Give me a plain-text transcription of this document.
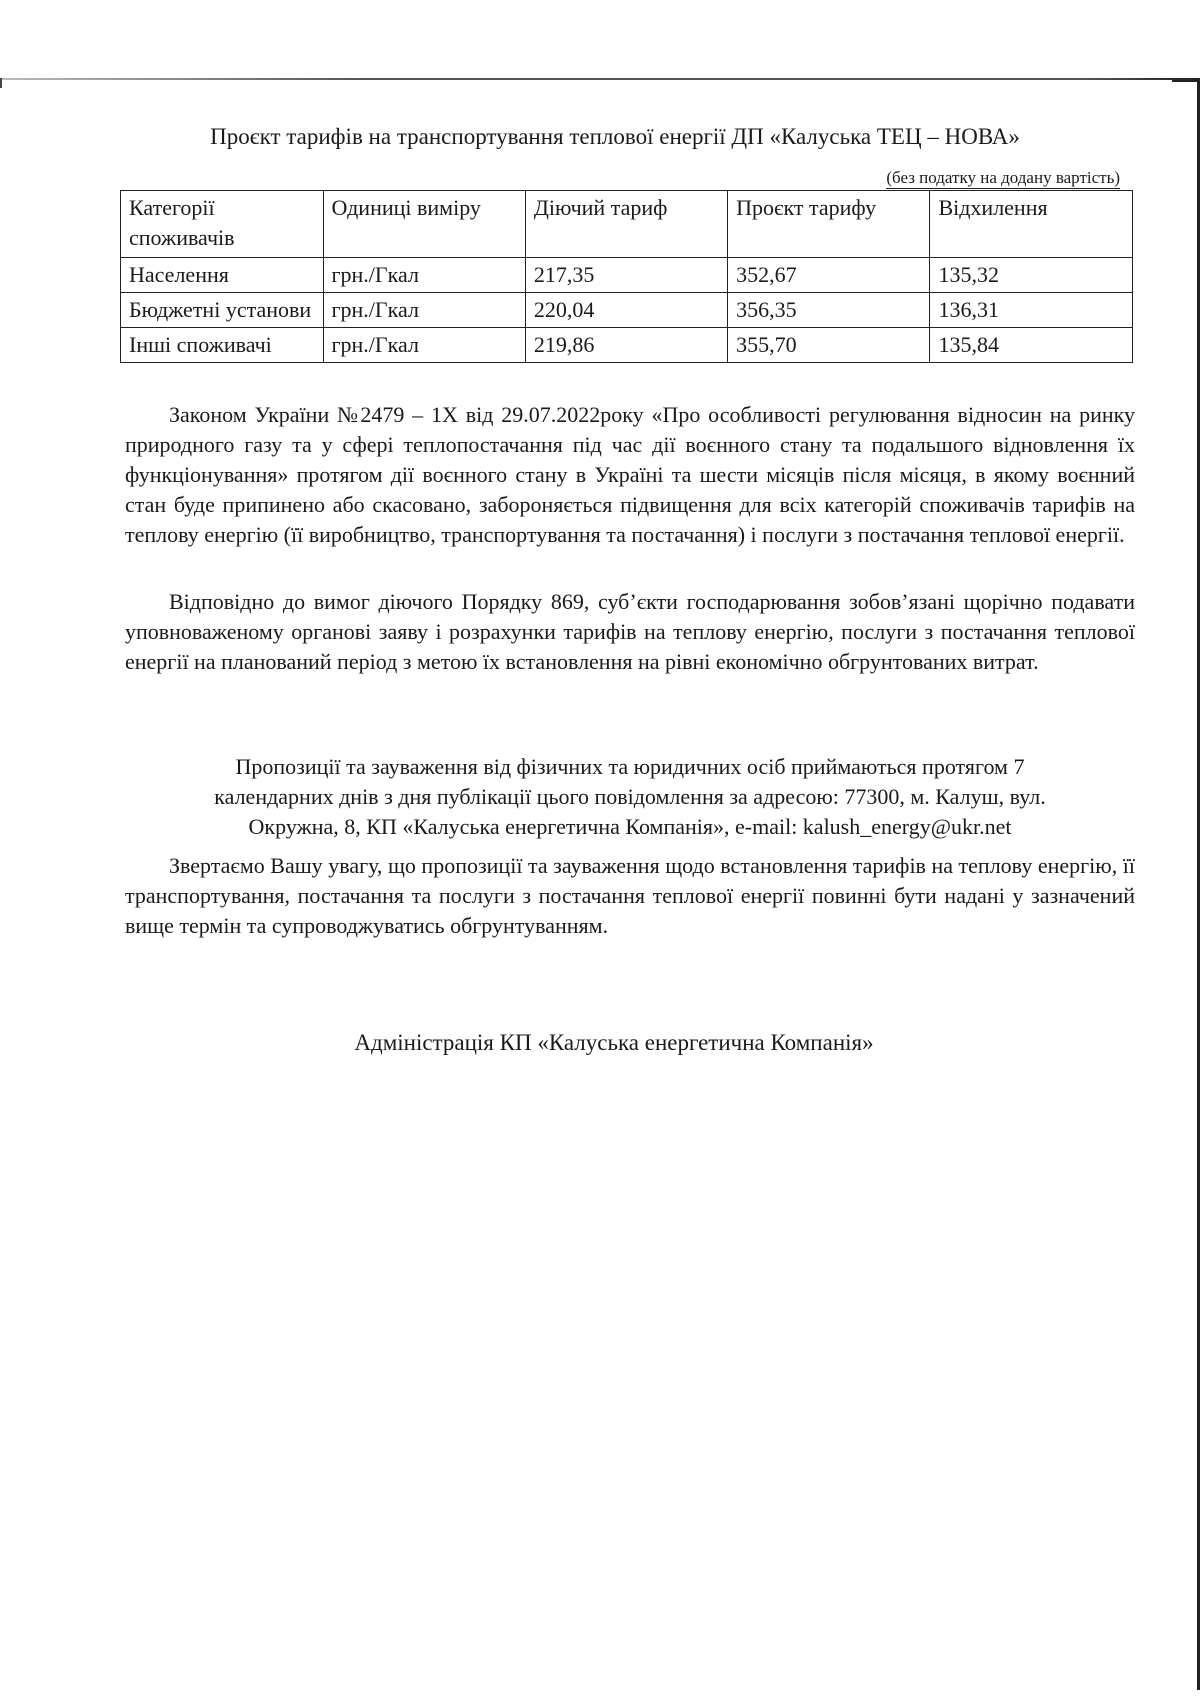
Проєкт тарифів на транспортування теплової енергії ДП «Калуська ТЕЦ – НОВА»
(без податку на додану вартість)
Категорії споживачів	Одиниці виміру	Діючий тариф	Проєкт тарифу	Відхилення
Населення	грн./Гкал	217,35	352,67	135,32
Бюджетні установи	грн./Гкал	220,04	356,35	136,31
Інші споживачі	грн./Гкал	219,86	355,70	135,84

Законом України №2479 – 1Х від 29.07.2022року «Про особливості регулювання відносин на ринку природного газу та у сфері теплопостачання під час дії воєнного стану та подальшого відновлення їх функціонування» протягом дії воєнного стану в Україні та шести місяців після місяця, в якому воєнний стан буде припинено або скасовано, забороняється підвищення для всіх категорій споживачів тарифів на теплову енергію (її виробництво, транспортування та постачання) і послуги з постачання теплової енергії.

Відповідно до вимог діючого Порядку 869, суб’єкти господарювання зобов’язані щорічно подавати уповноваженому органові заяву і розрахунки тарифів на теплову енергію, послуги з постачання теплової енергії на планований період з метою їх встановлення на рівні економічно обгрунтованих витрат.

Пропозиції та зауваження від фізичних та юридичних осіб приймаються протягом 7
календарних днів з дня публікації цього повідомлення за адресою: 77300, м. Калуш, вул.
Окружна, 8, КП «Калуська енергетична Компанія», e-mail: kalush_energy@ukr.net

Звертаємо Вашу увагу, що пропозиції та зауваження щодо встановлення тарифів на теплову енергію, її транспортування, постачання та послуги з постачання теплової енергії повинні бути надані у зазначений вище термін та супроводжуватись обгрунтуванням.

Адміністрація КП «Калуська енергетична Компанія»
